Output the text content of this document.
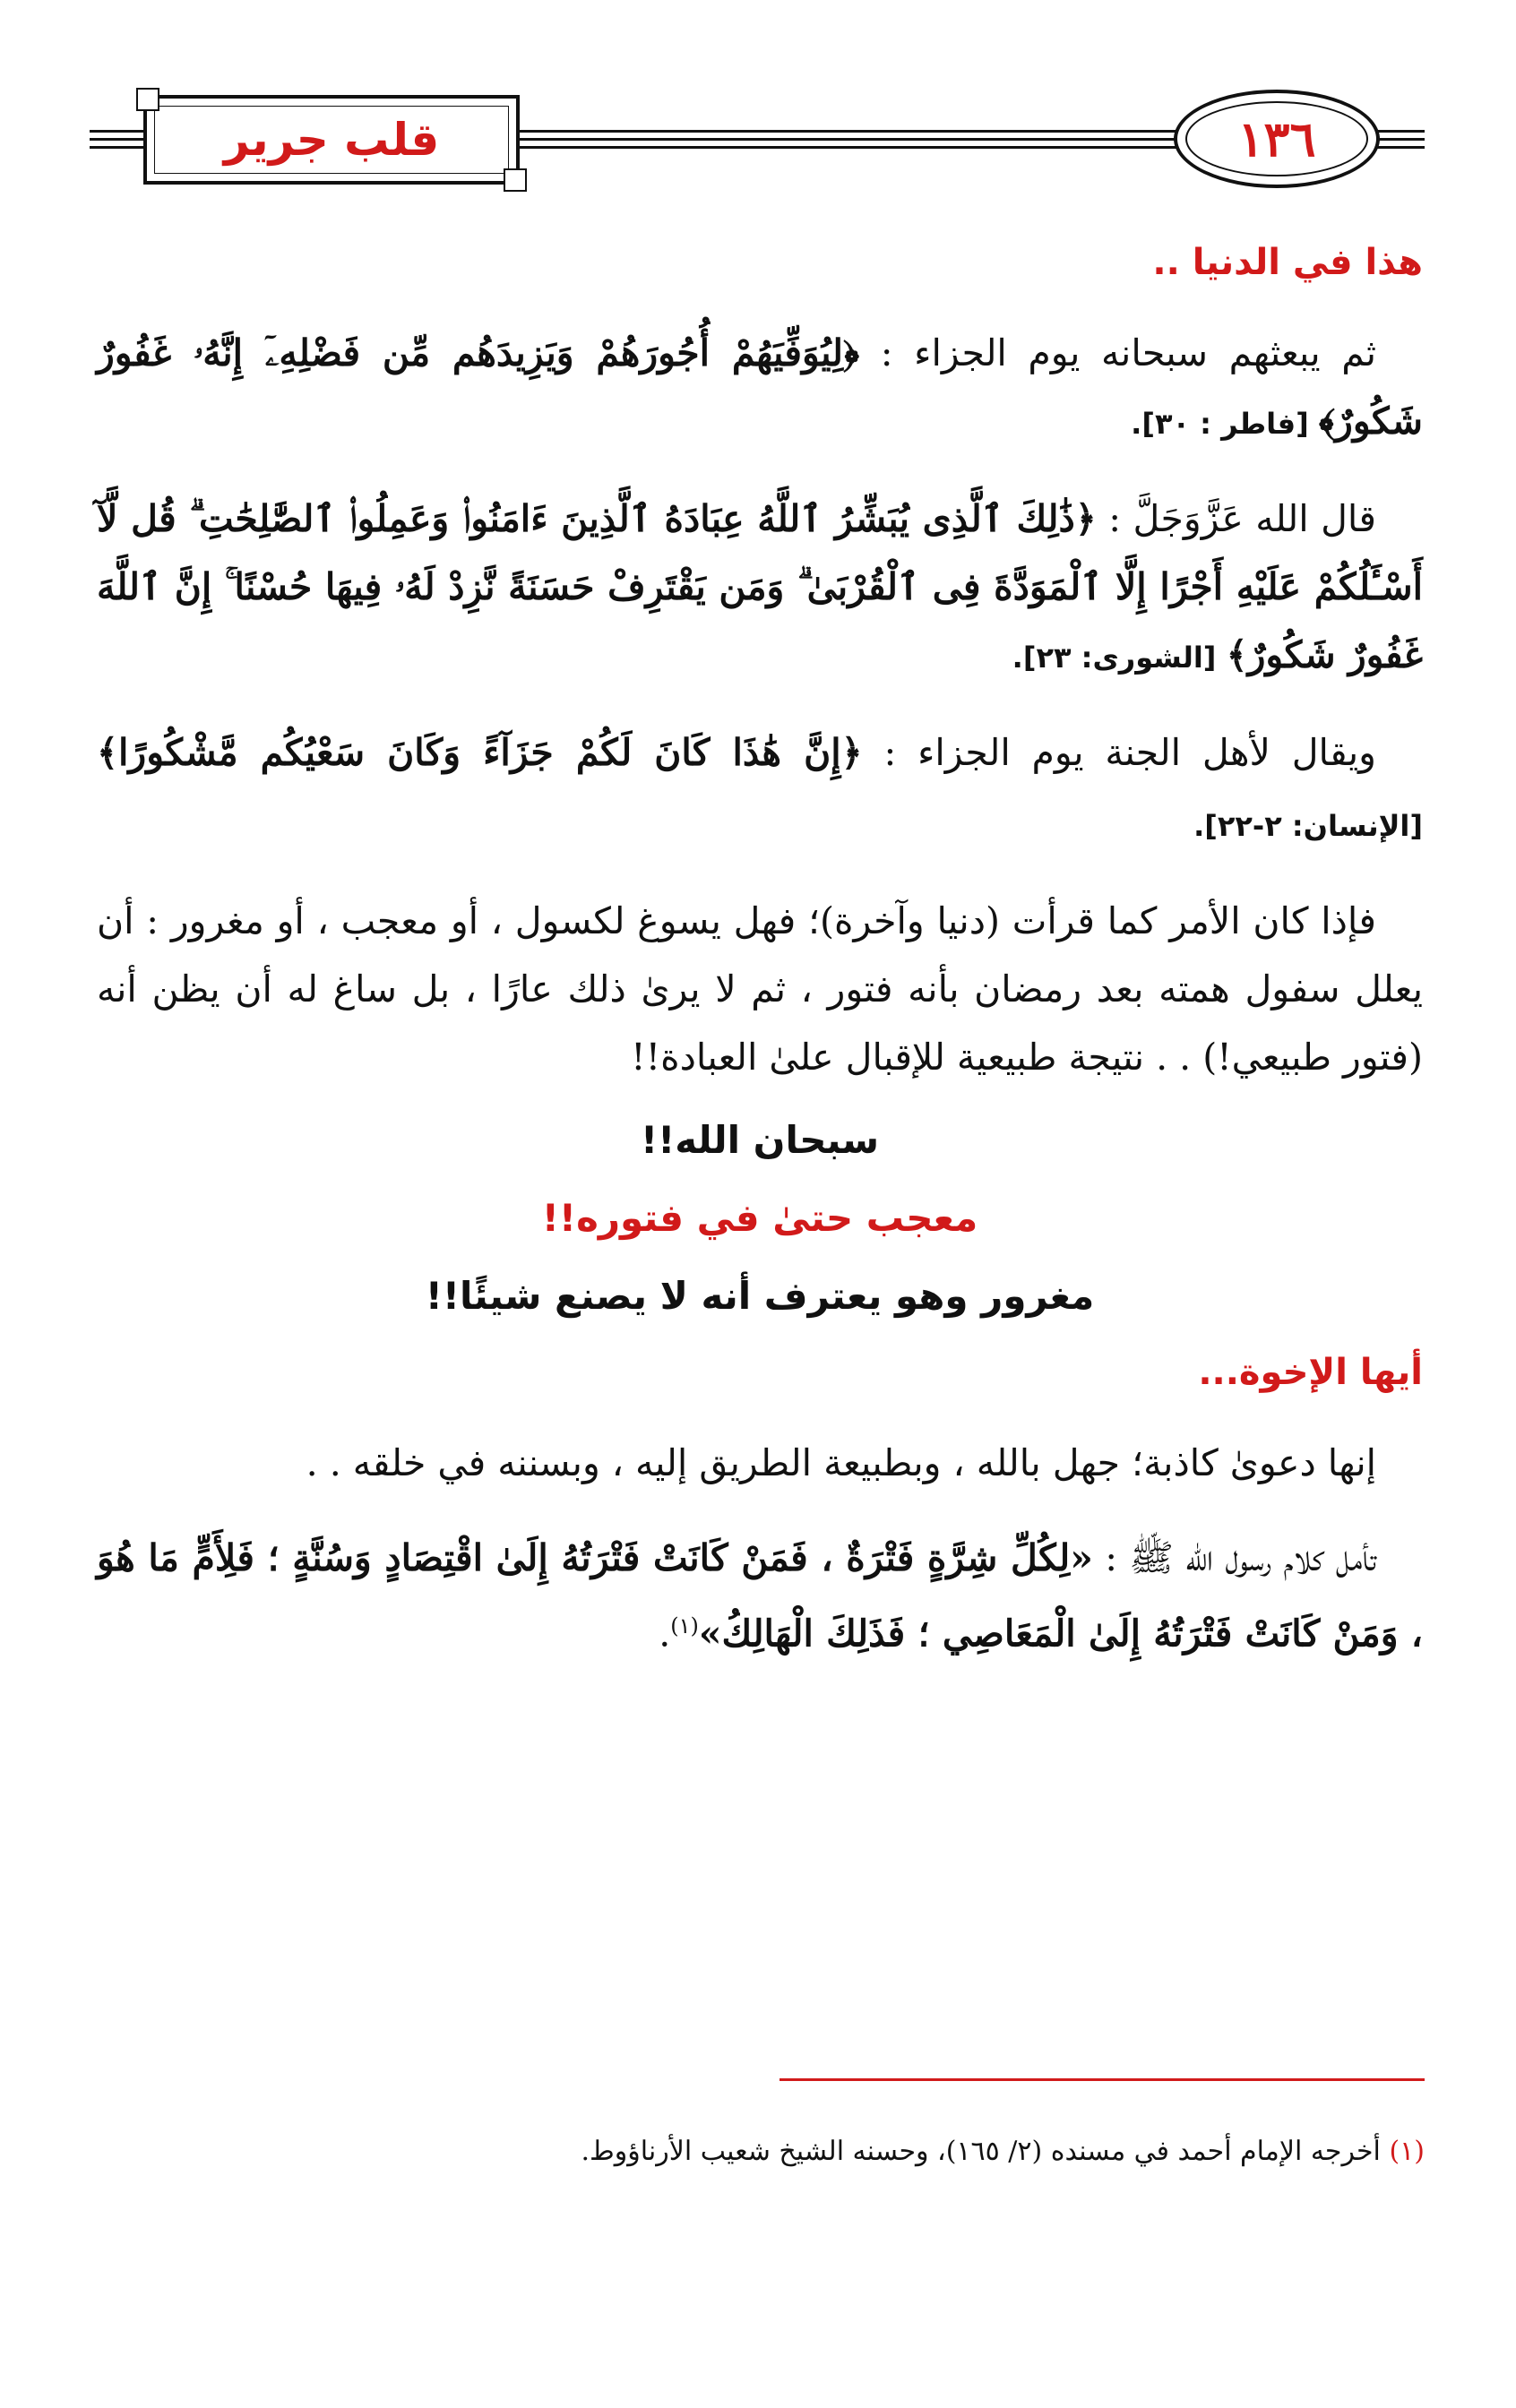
قلب جرير	١٣٦
هذا في الدنيا ..

ثم يبعثهم سبحانه يوم الجزاء : ﴿لِيُوَفِّيَهُمْ أُجُورَهُمْ وَيَزِيدَهُم مِّن فَضْلِهِۦٓ إِنَّهُۥ غَفُورٌ شَكُورٌ﴾ [فاطر : ٣٠].

قال الله عَزَّوَجَلَّ : ﴿ذَٰلِكَ ٱلَّذِى يُبَشِّرُ ٱللَّهُ عِبَادَهُ ٱلَّذِينَ ءَامَنُوا۟ وَعَمِلُوا۟ ٱلصَّٰلِحَٰتِ ۗ قُل لَّآ أَسْـَٔلُكُمْ عَلَيْهِ أَجْرًا إِلَّا ٱلْمَوَدَّةَ فِى ٱلْقُرْبَىٰ ۗ وَمَن يَقْتَرِفْ حَسَنَةً نَّزِدْ لَهُۥ فِيهَا حُسْنًا ۚ إِنَّ ٱللَّهَ غَفُورٌ شَكُورٌ﴾ [الشورى: ٢٣].

ويقال لأهل الجنة يوم الجزاء : ﴿إِنَّ هَٰذَا كَانَ لَكُمْ جَزَآءً وَكَانَ سَعْيُكُم مَّشْكُورًا﴾ [الإنسان: ٢-٢٢].

فإذا كان الأمر كما قرأت (دنيا وآخرة)؛ فهل يسوغ لكسول ، أو معجب ، أو مغرور : أن يعلل سفول همته بعد رمضان بأنه فتور ، ثم لا يرىٰ ذلك عارًا ، بل ساغ له أن يظن أنه (فتور طبيعي!) . . نتيجة طبيعية للإقبال علىٰ العبادة!!

سبحان الله!!
معجب حتىٰ في فتوره!!
مغرور وهو يعترف أنه لا يصنع شيئًا!!
أيها الإخوة...

إنها دعوىٰ كاذبة؛ جهل بالله ، وبطبيعة الطريق إليه ، وبسننه في خلقه . .

تأمل كلام رسول الله ﷺ : «لِكُلِّ شِرَّةٍ فَتْرَةٌ ، فَمَنْ كَانَتْ فَتْرَتُهُ إِلَىٰ اقْتِصَادٍ وَسُنَّةٍ ؛ فَلِأَمٍّ مَا هُوَ ، وَمَنْ كَانَتْ فَتْرَتُهُ إِلَىٰ الْمَعَاصِي ؛ فَذَلِكَ الْهَالِكُ»$^{(١)}$.

(١) أخرجه الإمام أحمد في مسنده (٢/ ١٦٥)، وحسنه الشيخ شعيب الأرناؤوط.
